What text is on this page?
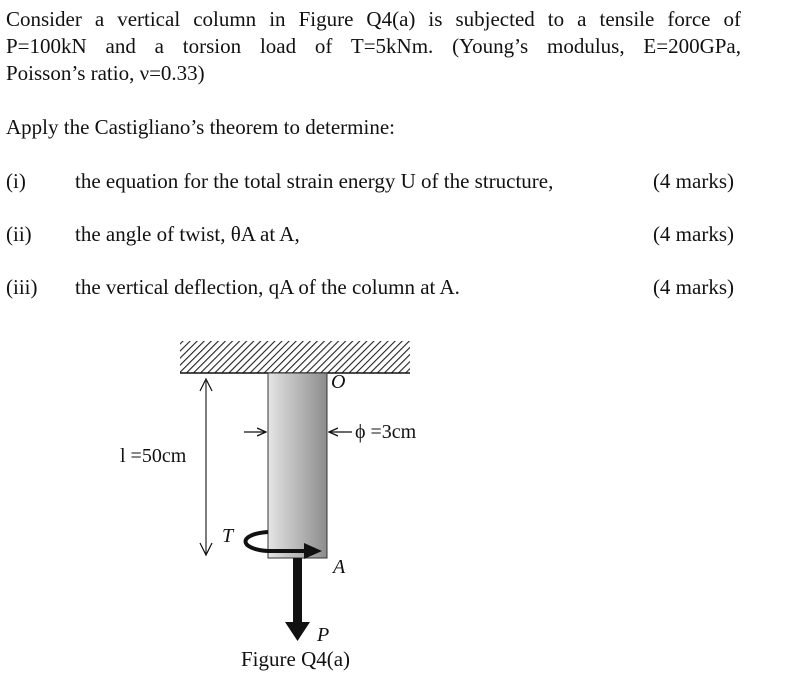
Consider a vertical column in Figure Q4(a) is subjected to a tensile force of
P=100kN and a torsion load of T=5kNm. (Young’s modulus, E=200GPa,
Poisson’s ratio, ν=0.33)
Apply the Castigliano’s theorem to determine:
(i) the equation for the total strain energy U of the structure,	(4 marks)
(ii) the angle of twist, θA at A,	(4 marks)
(iii) the vertical deflection, qA of the column at A.	(4 marks)
O
l =50cm
ϕ =3cm
T
A
P
Figure Q4(a)
